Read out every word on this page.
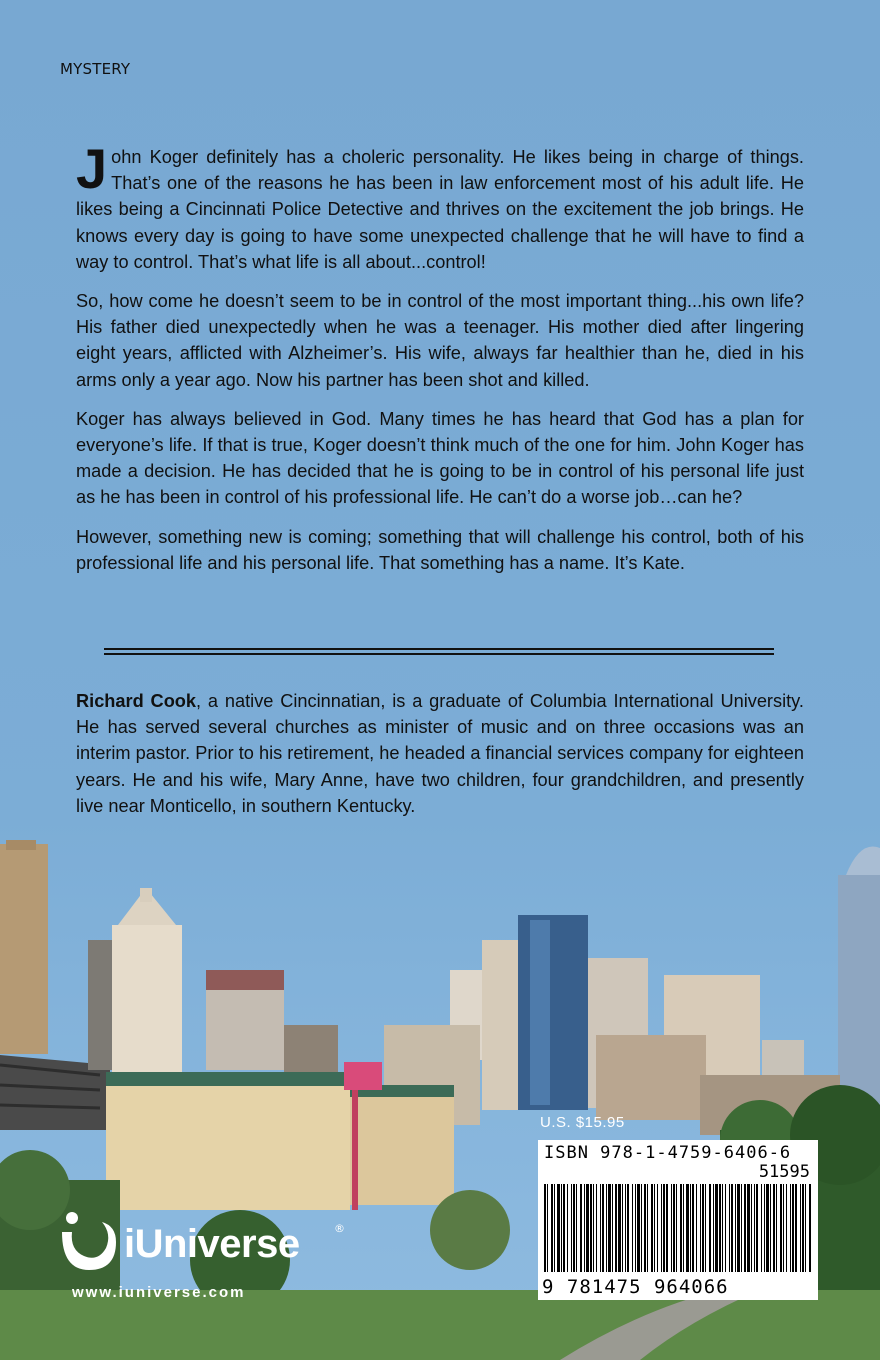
MYSTERY

John Koger definitely has a choleric personality. He likes being in charge of things. That’s one of the reasons he has been in law enforcement most of his adult life. He likes being a Cincinnati Police Detective and thrives on the excitement the job brings. He knows every day is going to have some unexpected challenge that he will have to find a way to control. That’s what life is all about...control!

So, how come he doesn’t seem to be in control of the most important thing...his own life? His father died unexpectedly when he was a teenager. His mother died after lingering eight years, afflicted with Alzheimer’s. His wife, always far healthier than he, died in his arms only a year ago. Now his partner has been shot and killed.

Koger has always believed in God. Many times he has heard that God has a plan for everyone’s life. If that is true, Koger doesn’t think much of the one for him. John Koger has made a decision. He has decided that he is going to be in control of his personal life just as he has been in control of his professional life. He can’t do a worse job…can he?

However, something new is coming; something that will challenge his control, both of his professional life and his personal life. That something has a name. It’s Kate.

Richard Cook, a native Cincinnatian, is a graduate of Columbia International University. He has served several churches as minister of music and on three occasions was an interim pastor. Prior to his retirement, he headed a financial services company for eighteen years. He and his wife, Mary Anne, have two children, four grandchildren, and presently live near Monticello, in southern Kentucky.
U.S. $15.95
ISBN 978-1-4759-6406-6
51595
9 781475 964066
iUniverse	®
www.iuniverse.com
